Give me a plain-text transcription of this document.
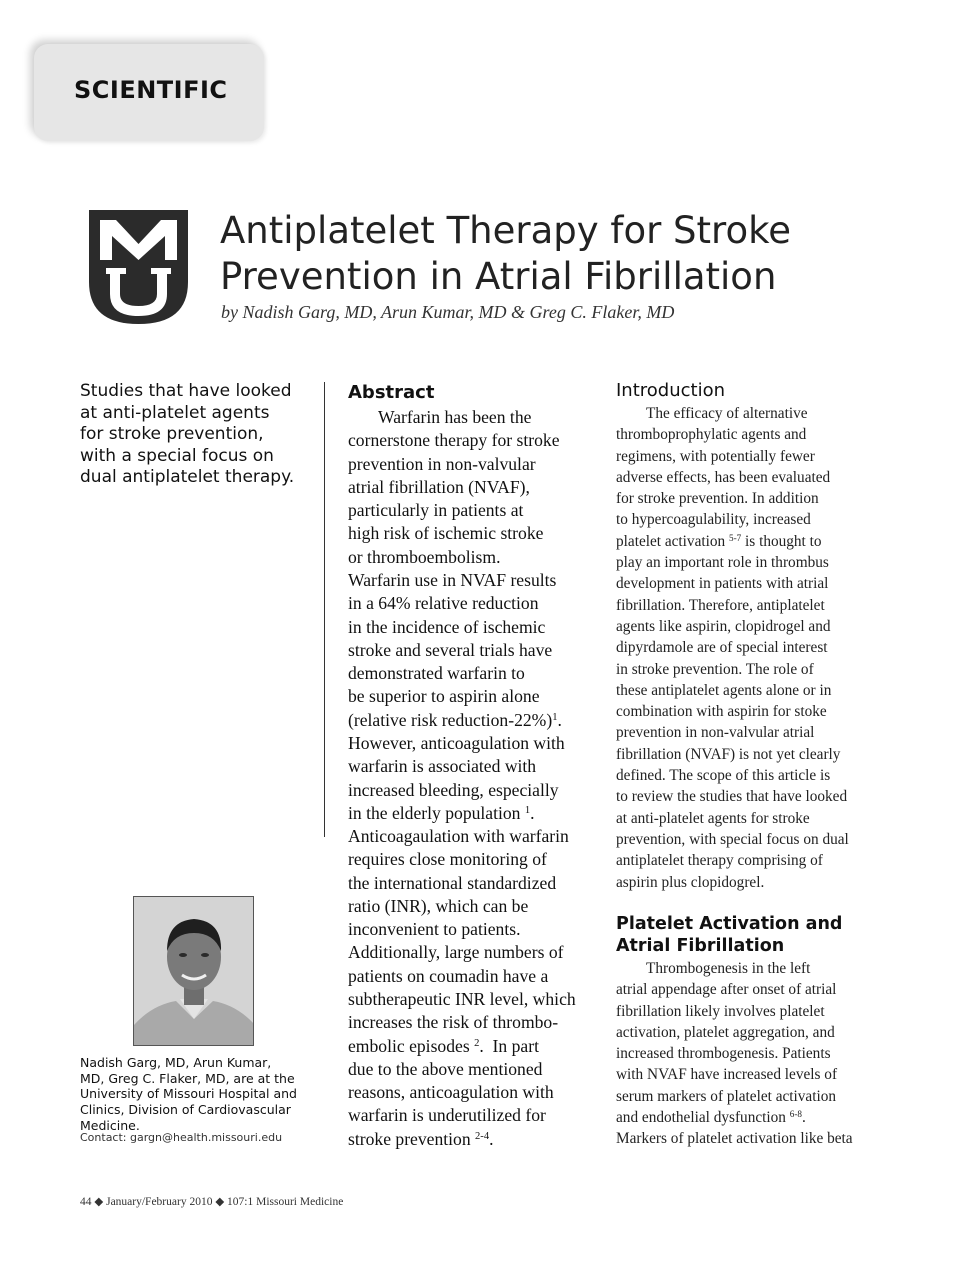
SCIENTIFIC
Antiplatelet Therapy for Stroke
Prevention in Atrial Fibrillation
by Nadish Garg, MD, Arun Kumar, MD & Greg C. Flaker, MD
Studies that have looked
at anti-platelet agents
for stroke prevention,
with a special focus on
dual antiplatelet therapy.
Nadish Garg, MD, Arun Kumar,
MD, Greg C. Flaker, MD, are at the
University of Missouri Hospital and
Clinics, Division of Cardiovascular
Medicine.
Contact: gargn@health.missouri.edu
Abstract
Warfarin has been the
cornerstone therapy for stroke
prevention in non-valvular
atrial fibrillation (NVAF),
particularly in patients at
high risk of ischemic stroke
or thromboembolism.
Warfarin use in NVAF results
in a 64% relative reduction
in the incidence of ischemic
stroke and several trials have
demonstrated warfarin to
be superior to aspirin alone
(relative risk reduction-22%)$^1$.
However, anticoagulation with
warfarin is associated with
increased bleeding, especially
in the elderly population $^1$.
Anticoagaulation with warfarin
requires close monitoring of
the international standardized
ratio (INR), which can be
inconvenient to patients.
Additionally, large numbers of
patients on coumadin have a
subtherapeutic INR level, which
increases the risk of thrombo-
embolic episodes $^2$.  In part
due to the above mentioned
reasons, anticoagulation with
warfarin is underutilized for
stroke prevention $^{2-4}$.
Introduction
The efficacy of alternative
thromboprophylatic agents and
regimens, with potentially fewer
adverse effects, has been evaluated
for stroke prevention. In addition
to hypercoagulability, increased
platelet activation $^{5-7}$ is thought to
play an important role in thrombus
development in patients with atrial
fibrillation. Therefore, antiplatelet
agents like aspirin, clopidrogel and
dipyrdamole are of special interest
in stroke prevention. The role of
these antiplatelet agents alone or in
combination with aspirin for stoke
prevention in non-valvular atrial
fibrillation (NVAF) is not yet clearly
defined. The scope of this article is
to review the studies that have looked
at anti-platelet agents for stroke
prevention, with special focus on dual
antiplatelet therapy comprising of
aspirin plus clopidogrel.
Platelet Activation and
Atrial Fibrillation
Thrombogenesis in the left
atrial appendage after onset of atrial
fibrillation likely involves platelet
activation, platelet aggregation, and
increased thrombogenesis. Patients
with NVAF have increased levels of
serum markers of platelet activation
and endothelial dysfunction $^{6-8}$.
Markers of platelet activation like beta
44 ◆ January/February 2010 ◆ 107:1 Missouri Medicine
